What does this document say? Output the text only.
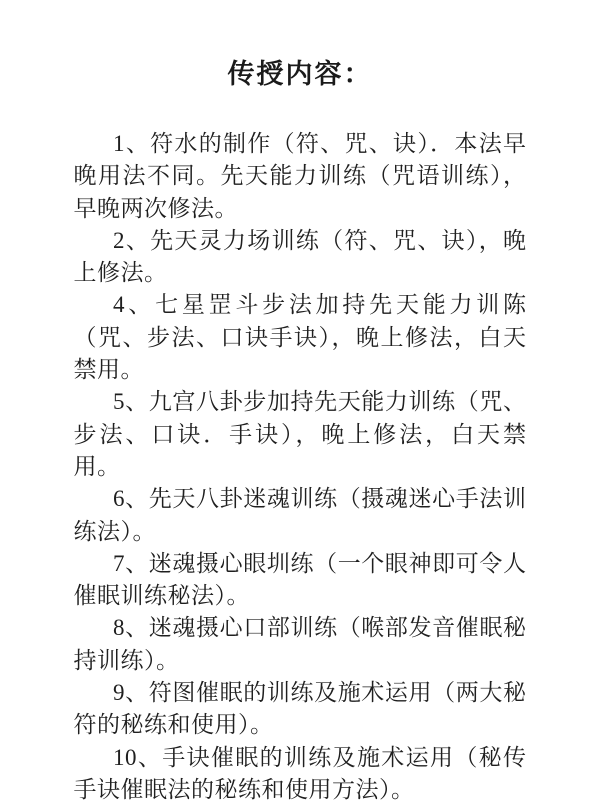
传授内容：

1、符水的制作（符、咒、诀）．本法早晚用法不同。先天能力训练（咒语训练），早晚两次修法。

2、先天灵力场训练（符、咒、诀），晚上修法。

4、七星罡斗步法加持先天能力训陈（咒、步法、口诀手诀），晚上修法，白天禁用。

5、九宫八卦步加持先天能力训练（咒、步法、口诀．手诀），晚上修法，白天禁用。

6、先天八卦迷魂训练（摄魂迷心手法训练法）。

7、迷魂摄心眼圳练（一个眼神即可令人催眠训练秘法）。

8、迷魂摄心口部训练（喉部发音催眠秘持训练）。

9、符图催眠的训练及施术运用（两大秘符的秘练和使用）。

10、手诀催眠的训练及施术运用（秘传手诀催眠法的秘练和使用方法）。
